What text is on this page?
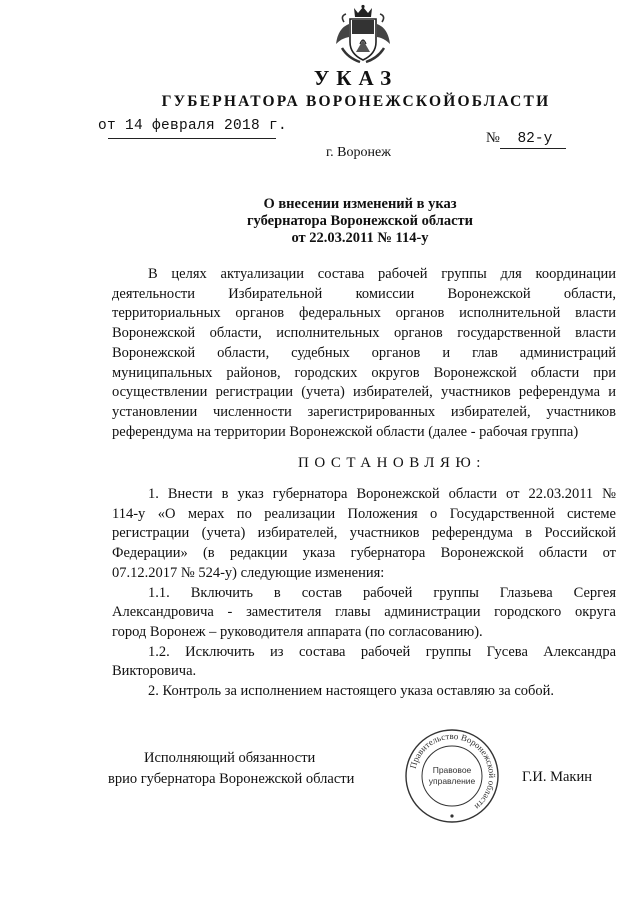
УКАЗ
ГУБЕРНАТОРА ВОРОНЕЖСКОЙОБЛАСТИ
от 14 февраля 2018 г.
№ 82-у
г. Воронеж
О внесении изменений в указ
губернатора Воронежской области
от 22.03.2011 № 114-у
В целях актуализации состава рабочей группы для координации
деятельности Избирательной комиссии Воронежской области,
территориальных органов федеральных органов исполнительной власти
Воронежской области, исполнительных органов государственной власти
Воронежской области, судебных органов и глав администраций
муниципальных районов, городских округов Воронежской области при
осуществлении регистрации (учета) избирателей, участников референдума и
установлении численности зарегистрированных избирателей, участников
референдума на территории Воронежской области (далее - рабочая группа)
ПОСТАНОВЛЯЮ:
1. Внести в указ губернатора Воронежской области от 22.03.2011 №
114-у «О мерах по реализации Положения о Государственной системе
регистрации (учета) избирателей, участников референдума в Российской
Федерации» (в редакции указа губернатора Воронежской области от
07.12.2017 № 524-у) следующие изменения:
1.1. Включить в состав рабочей группы Глазьева Сергея
Александровича - заместителя главы администрации городского округа
город Воронеж – руководителя аппарата (по согласованию).
1.2. Исключить из состава рабочей группы Гусева Александра
Викторовича.
2. Контроль за исполнением настоящего указа оставляю за собой.
Исполняющий обязанности
врио губернатора Воронежской области
Правительство Воронежской области
Правовое
управление	Г.И. Макин
